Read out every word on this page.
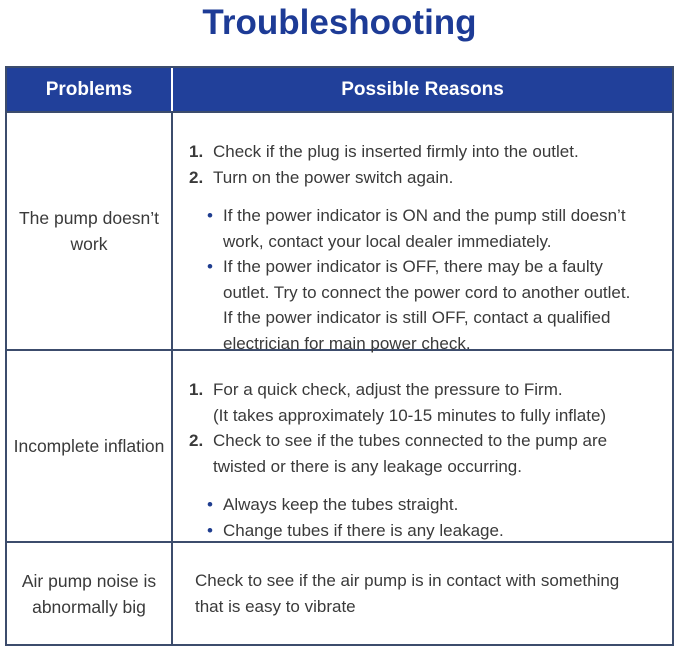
Troubleshooting
Problems	Possible Reasons
The pump doesn’t work
1. Check if the plug is inserted firmly into the outlet.
2. Turn on the power switch again.
• If the power indicator is ON and the pump still doesn’t work, contact your local dealer immediately.
• If the power indicator is OFF, there may be a faulty outlet. Try to connect the power cord to another outlet. If the power indicator is still OFF, contact a qualified electrician for main power check.
Incomplete inflation
1. For a quick check, adjust the pressure to Firm.
(It takes approximately 10-15 minutes to fully inflate)
2. Check to see if the tubes connected to the pump are twisted or there is any leakage occurring.
• Always keep the tubes straight.
• Change tubes if there is any leakage.
Air pump noise is abnormally big
Check to see if the air pump is in contact with something that is easy to vibrate
